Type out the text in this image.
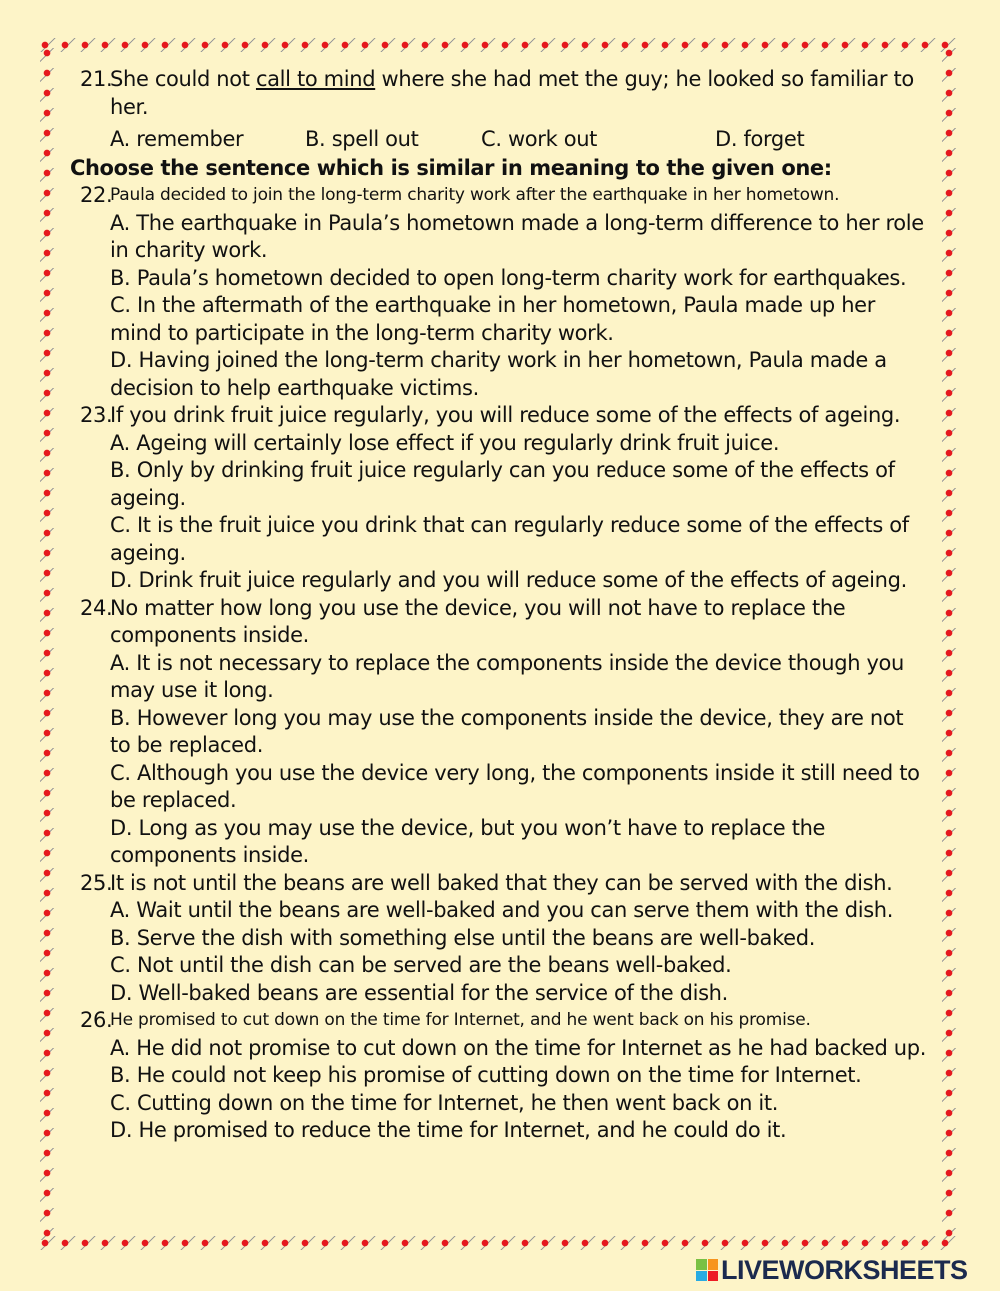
21.
She could not call to mind where she had met the guy; he looked so familiar to her.
A. remember	B. spell out	C. work out	D. forget
Choose the sentence which is similar in meaning to the given one:
22.
Paula decided to join the long-term charity work after the earthquake in her hometown.
A. The earthquake in Paula’s hometown made a long-term difference to her role in charity work.
B. Paula’s hometown decided to open long-term charity work for earthquakes.
C. In the aftermath of the earthquake in her hometown, Paula made up her mind to participate in the long-term charity work.
D. Having joined the long-term charity work in her hometown, Paula made a decision to help earthquake victims.
23.
If you drink fruit juice regularly, you will reduce some of the effects of ageing.
A. Ageing will certainly lose effect if you regularly drink fruit juice.
B. Only by drinking fruit juice regularly can you reduce some of the effects of ageing.
C. It is the fruit juice you drink that can regularly reduce some of the effects of ageing.
D. Drink fruit juice regularly and you will reduce some of the effects of ageing.
24.
No matter how long you use the device, you will not have to replace the components inside.
A. It is not necessary to replace the components inside the device though you may use it long.
B. However long you may use the components inside the device, they are not to be replaced.
C. Although you use the device very long, the components inside it still need to be replaced.
D. Long as you may use the device, but you won’t have to replace the components inside.
25.
It is not until the beans are well baked that they can be served with the dish.
A. Wait until the beans are well-baked and you can serve them with the dish.
B. Serve the dish with something else until the beans are well-baked.
C. Not until the dish can be served are the beans well-baked.
D. Well-baked beans are essential for the service of the dish.
26.
He promised to cut down on the time for Internet, and he went back on his promise.
A. He did not promise to cut down on the time for Internet as he had backed up.
B. He could not keep his promise of cutting down on the time for Internet.
C. Cutting down on the time for Internet, he then went back on it.
D. He promised to reduce the time for Internet, and he could do it.
LIVEWORKSHEETS
